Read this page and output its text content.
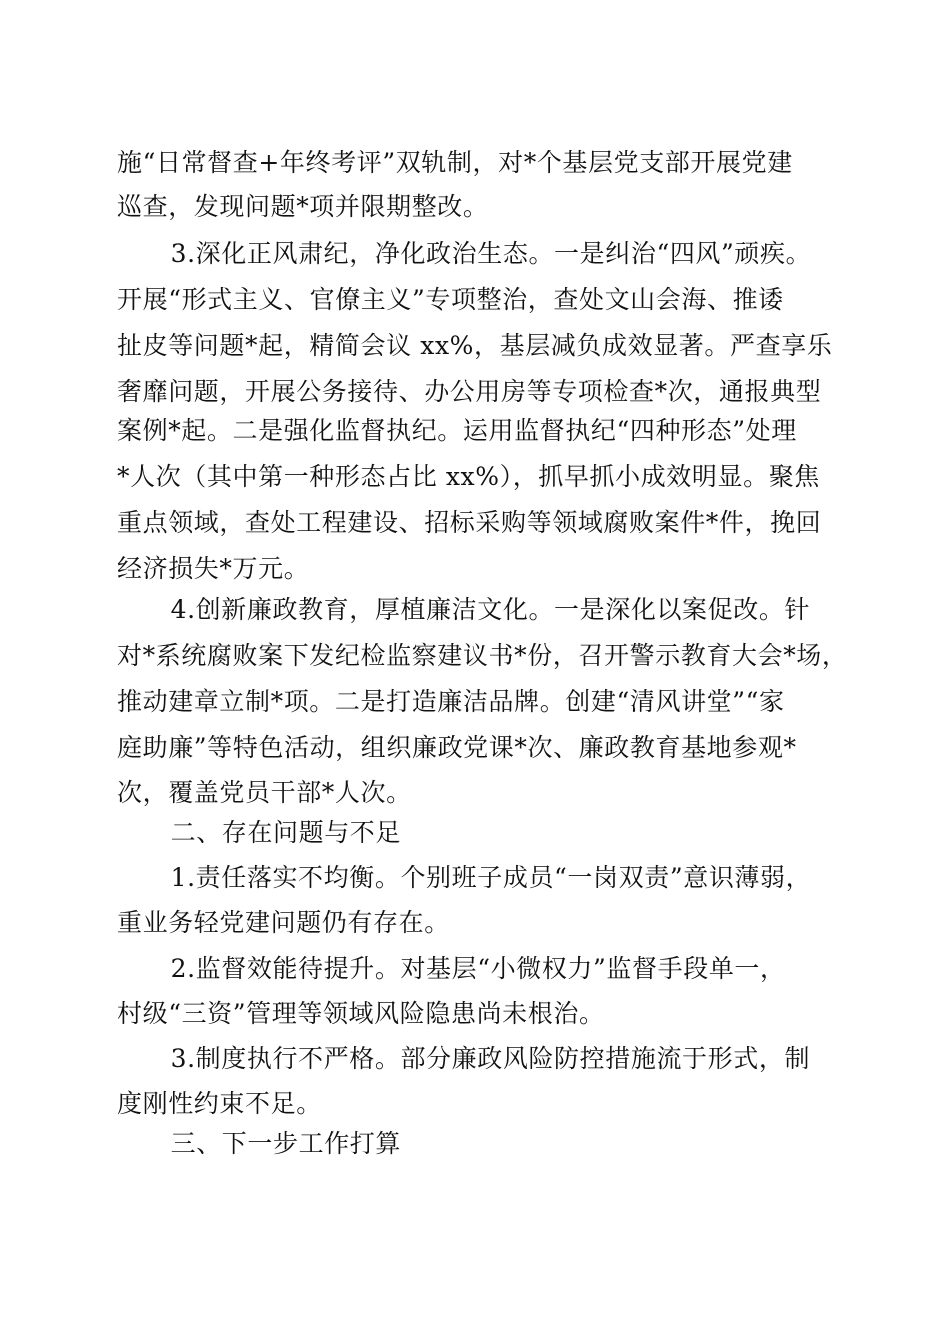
施“日常督查+年终考评”双轨制，对*个基层党支部开展党建
巡查，发现问题*项并限期整改。
　3.深化正风肃纪，净化政治生态。一是纠治“四风”顽疾。
开展“形式主义、官僚主义”专项整治，查处文山会海、推诿
扯皮等问题*起，精简会议 xx%，基层减负成效显著。严查享乐
奢靡问题，开展公务接待、办公用房等专项检查*次，通报典型
案例*起。二是强化监督执纪。运用监督执纪“四种形态”处理
*人次（其中第一种形态占比 xx%），抓早抓小成效明显。聚焦
重点领域，查处工程建设、招标采购等领域腐败案件*件，挽回
经济损失*万元。
　4.创新廉政教育，厚植廉洁文化。一是深化以案促改。针
对*系统腐败案下发纪检监察建议书*份，召开警示教育大会*场，
推动建章立制*项。二是打造廉洁品牌。创建“清风讲堂”“家
庭助廉”等特色活动，组织廉政党课*次、廉政教育基地参观*
次，覆盖党员干部*人次。
　二、存在问题与不足
　1.责任落实不均衡。个别班子成员“一岗双责”意识薄弱，
重业务轻党建问题仍有存在。
　2.监督效能待提升。对基层“小微权力”监督手段单一，
村级“三资”管理等领域风险隐患尚未根治。
　3.制度执行不严格。部分廉政风险防控措施流于形式，制
度刚性约束不足。
　三、下一步工作打算
